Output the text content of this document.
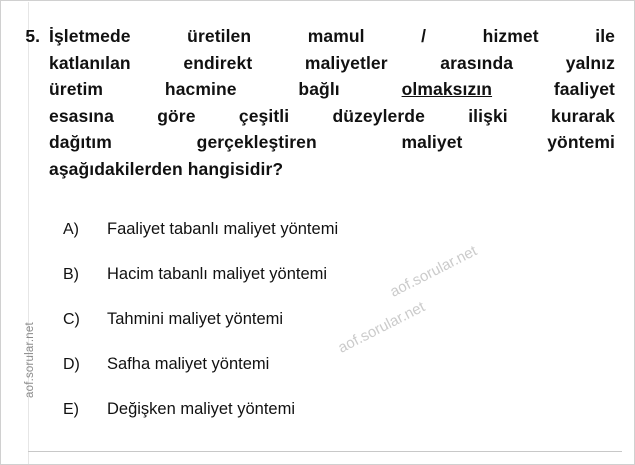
aof.sorular.net
5. İşletmede üretilen mamul / hizmet ile
katlanılan endirekt maliyetler arasında yalnız
üretim hacmine bağlı olmaksızın faaliyet
esasına göre çeşitli düzeylerde ilişki kurarak
dağıtım gerçekleştiren maliyet yöntemi
aşağıdakilerden hangisidir?
A)	Faaliyet tabanlı maliyet yöntemi
B)	Hacim tabanlı maliyet yöntemi
C)	Tahmini maliyet yöntemi
D)	Safha maliyet yöntemi
E)	Değişken maliyet yöntemi
aof.sorular.net
aof.sorular.net
